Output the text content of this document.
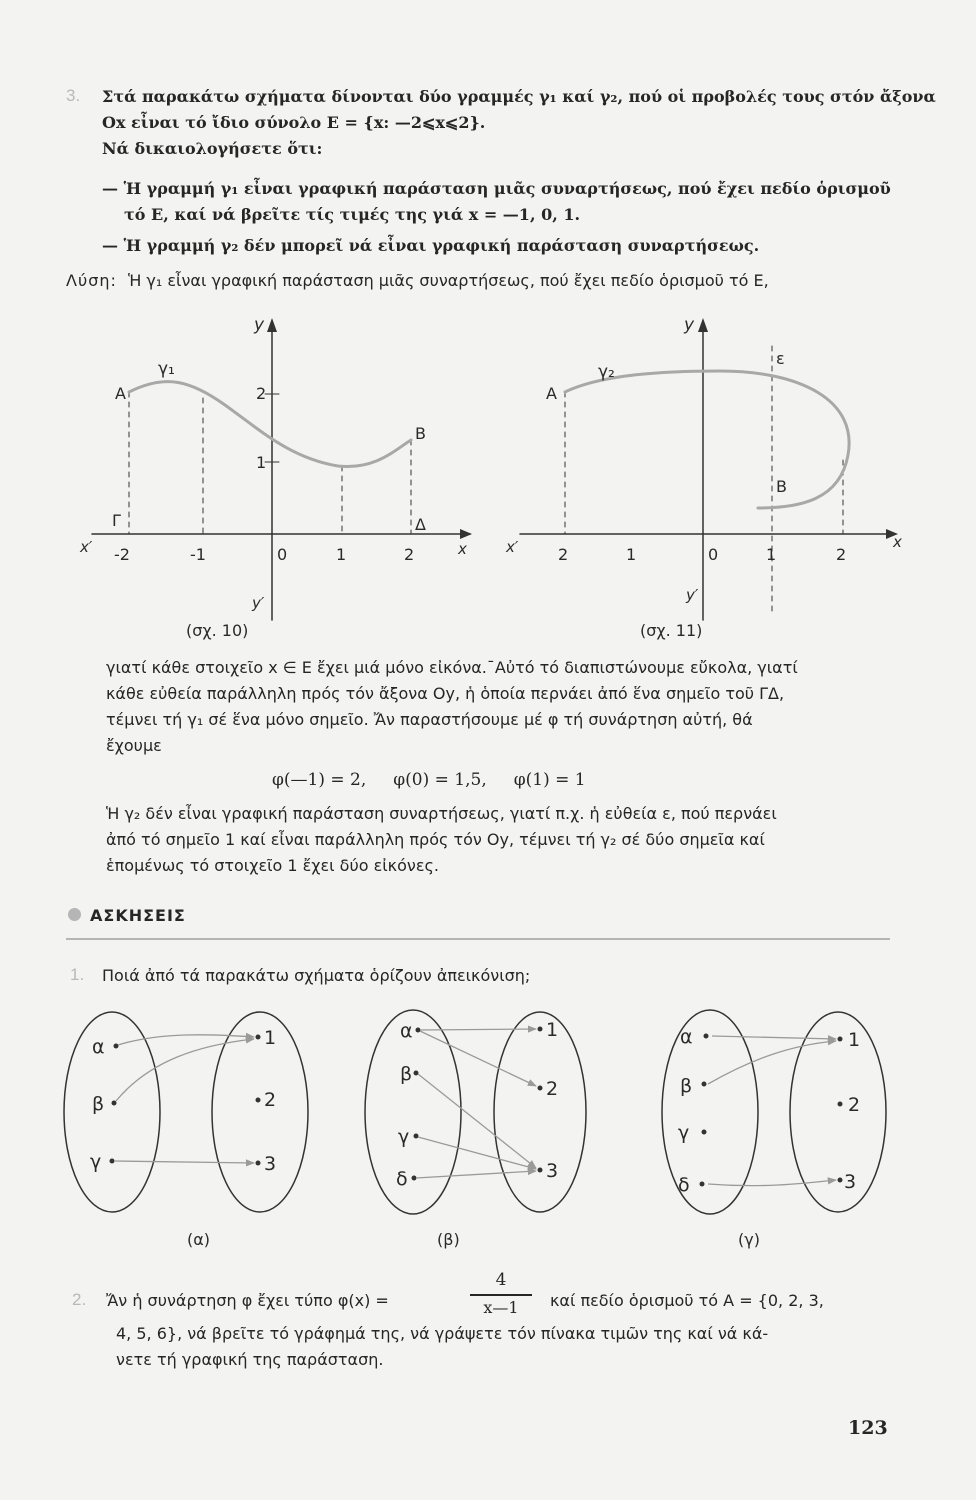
3. Στά παρακάτω σχήματα δίνονται δύο γραμμές γ₁ καί γ₂, πού οἱ προβολές τους στόν ἄξονα
Ox εἶναι τό ἴδιο σύνολο E = {x: —2⩽x⩽2}.
Νά δικαιολογήσετε ὅτι:
— Ἡ γραμμή γ₁ εἶναι γραφική παράσταση μιᾶς συναρτήσεως, πού ἔχει πεδίο ὁρισμοῦ
τό E, καί νά βρεῖτε τίς τιμές της γιά x = —1, 0, 1.
— Ἡ γραμμή γ₂ δέν μπορεῖ νά εἶναι γραφική παράσταση συναρτήσεως.
Λύση: Ἡ γ₁ εἶναι γραφική παράσταση μιᾶς συναρτήσεως, πού ἔχει πεδίο ὁρισμοῦ τό E,
x′	x
y
y′
-2	-1	0	1	2
1
2
γ₁
Α
Β
Γ	Δ
(σχ. 10)
x′	x
y
y′
2	1	0	1	2
γ₂
Α
Β
ε
(σχ. 11)
γιατί κάθε στοιχεῖο x ∈ E ἔχει μιά μόνο εἰκόνα.¯Αὐτό τό διαπιστώνουμε εὔκολα, γιατί
κάθε εὐθεία παράλληλη πρός τόν ἄξονα Oy, ἡ ὁποία περνάει ἀπό ἕνα σημεῖο τοῦ ΓΔ,
τέμνει τή γ₁ σέ ἕνα μόνο σημεῖο. Ἄν παραστήσουμε μέ φ τή συνάρτηση αὐτή, θά
ἔχουμε
φ(—1) = 2,     φ(0) = 1,5,     φ(1) = 1
Ἡ γ₂ δέν εἶναι γραφική παράσταση συναρτήσεως, γιατί π.χ. ἡ εὐθεία ε, πού περνάει
ἀπό τό σημεῖο 1 καί εἶναι παράλληλη πρός τόν Oy, τέμνει τή γ₂ σέ δύο σημεῖα καί
ἑπομένως τό στοιχεῖο 1 ἔχει δύο εἰκόνες.
ΑΣΚΗΣΕΙΣ
1. Ποιά ἀπό τά παρακάτω σχήματα ὁρίζουν ἀπεικόνιση;
α
β
γ
1
2
3
(α)
α
β
γ
δ
1
2
3
(β)
α
β
γ
δ
1
2
3
(γ)
2. Ἄν ἡ συνάρτηση φ ἔχει τύπο φ(x) =
4
x—1	καί πεδίο ὁρισμοῦ τό A = {0, 2, 3,
4, 5, 6}, νά βρεῖτε τό γράφημά της, νά γράψετε τόν πίνακα τιμῶν της καί νά κά-
νετε τή γραφική της παράσταση.
123
